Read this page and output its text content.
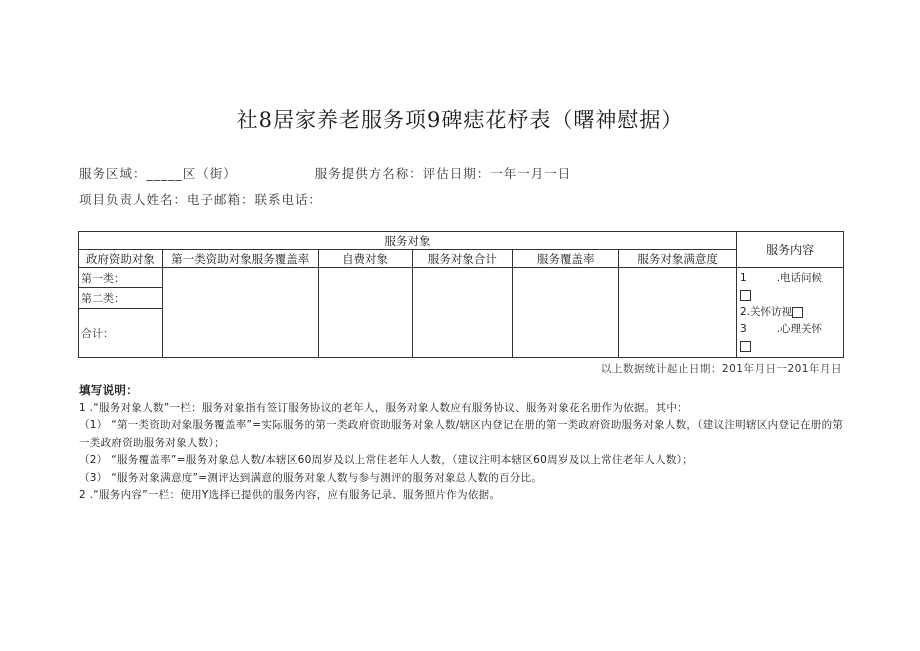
社8居家养老服务项9碑痣花杼表（曙神慰据）
服务区域：_____区（街）	服务提供方名称：评估日期：一年一月一日
项目负责人姓名：电子邮箱：联系电话：
服务对象						服务内容
政府资助对象	第一类资助对象服务覆盖率	自费对象	服务对象合计	服务覆盖率	服务对象满意度	
第一类：						1 .电话问候
2.关怀访视
3 .心理关怀

第二类：						
合计：						
以上数据统计起止日期：201年月日一201年月日
填写说明：
1 .“服务对象人数”一栏：服务对象指有签订服务协议的老年人，服务对象人数应有服务协议、服务对象花名册作为依据。其中：
（1） “第一类资助对象服务覆盖率”=实际服务的第一类政府资助服务对象人数/辖区内登记在册的第一类政府资助服务对象人数，（建议注明辖区内登记在册的第一类政府资助服务对象人数）；
（2） “服务覆盖率”=服务对象总人数/本辖区60周岁及以上常住老年人人数，（建议注明本辖区60周岁及以上常住老年人人数）；
（3） “服务对象满意度”=测评达到满意的服务对象人数与参与测评的服务对象总人数的百分比。
2 .“服务内容”一栏：使用Y选择已提供的服务内容，应有服务记录、服务照片作为依据。
